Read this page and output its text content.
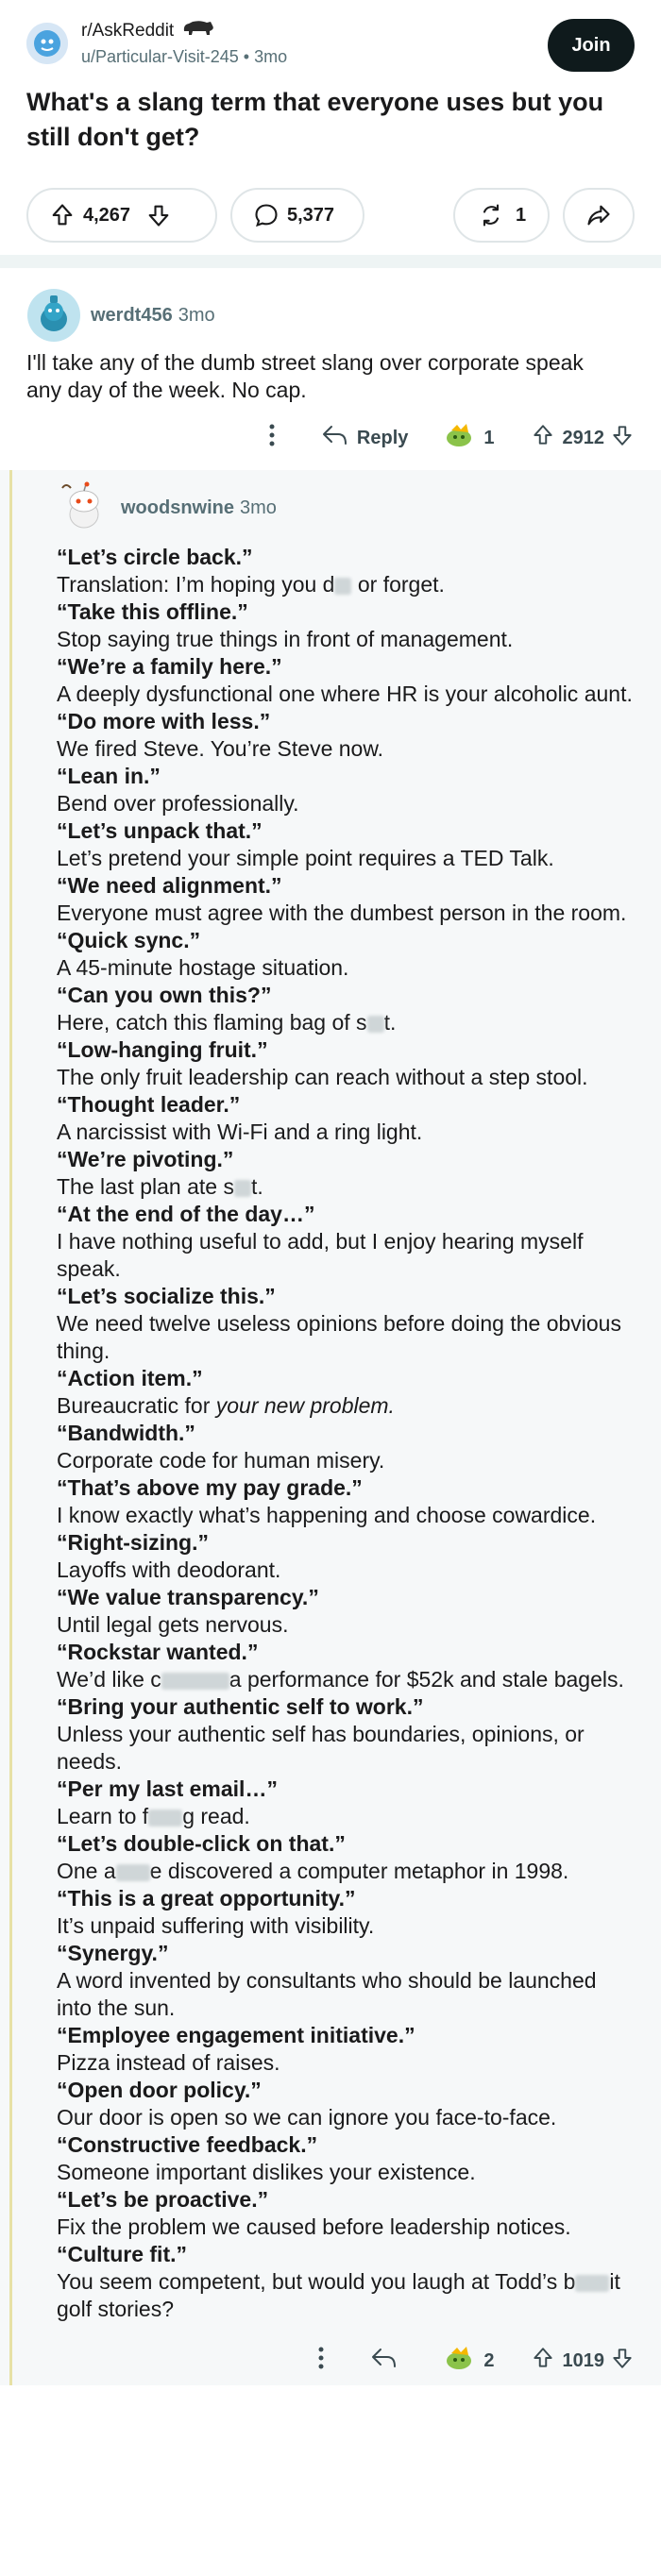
r/AskReddit
u/Particular-Visit-245 • 3mo
Join
What's a slang term that everyone uses but you still don't get?
4,267	5,377	1
werdt456 3mo
I'll take any of the dumb street slang over corporate speak any day of the week. No cap.
Reply	1	2912
woodsnwine 3mo
“Let’s circle back.”
Translation: I’m hoping you d or forget.
“Take this offline.”
Stop saying true things in front of management.
“We’re a family here.”
A deeply dysfunctional one where HR is your alcoholic aunt.
“Do more with less.”
We fired Steve. You’re Steve now.
“Lean in.”
Bend over professionally.
“Let’s unpack that.”
Let’s pretend your simple point requires a TED Talk.
“We need alignment.”
Everyone must agree with the dumbest person in the room.
“Quick sync.”
A 45-minute hostage situation.
“Can you own this?”
Here, catch this flaming bag of s t.
“Low-hanging fruit.”
The only fruit leadership can reach without a step stool.
“Thought leader.”
A narcissist with Wi-Fi and a ring light.
“We’re pivoting.”
The last plan ate s t.
“At the end of the day…”
I have nothing useful to add, but I enjoy hearing myself speak.
“Let’s socialize this.”
We need twelve useless opinions before doing the obvious thing.
“Action item.”
Bureaucratic for your new problem.
“Bandwidth.”
Corporate code for human misery.
“That’s above my pay grade.”
I know exactly what’s happening and choose cowardice.
“Right-sizing.”
Layoffs with deodorant.
“We value transparency.”
Until legal gets nervous.
“Rockstar wanted.”
We’d like c	a performance for $52k and stale bagels.
“Bring your authentic self to work.”
Unless your authentic self has boundaries, opinions, or needs.
“Per my last email…”
Learn to f g read.
“Let’s double-click on that.”
One a e discovered a computer metaphor in 1998.
“This is a great opportunity.”
It’s unpaid suffering with visibility.
“Synergy.”
A word invented by consultants who should be launched into the sun.
“Employee engagement initiative.”
Pizza instead of raises.
“Open door policy.”
Our door is open so we can ignore you face-to-face.
“Constructive feedback.”
Someone important dislikes your existence.
“Let’s be proactive.”
Fix the problem we caused before leadership notices.
“Culture fit.”
You seem competent, but would you laugh at Todd’s b it golf stories?
2	1019
